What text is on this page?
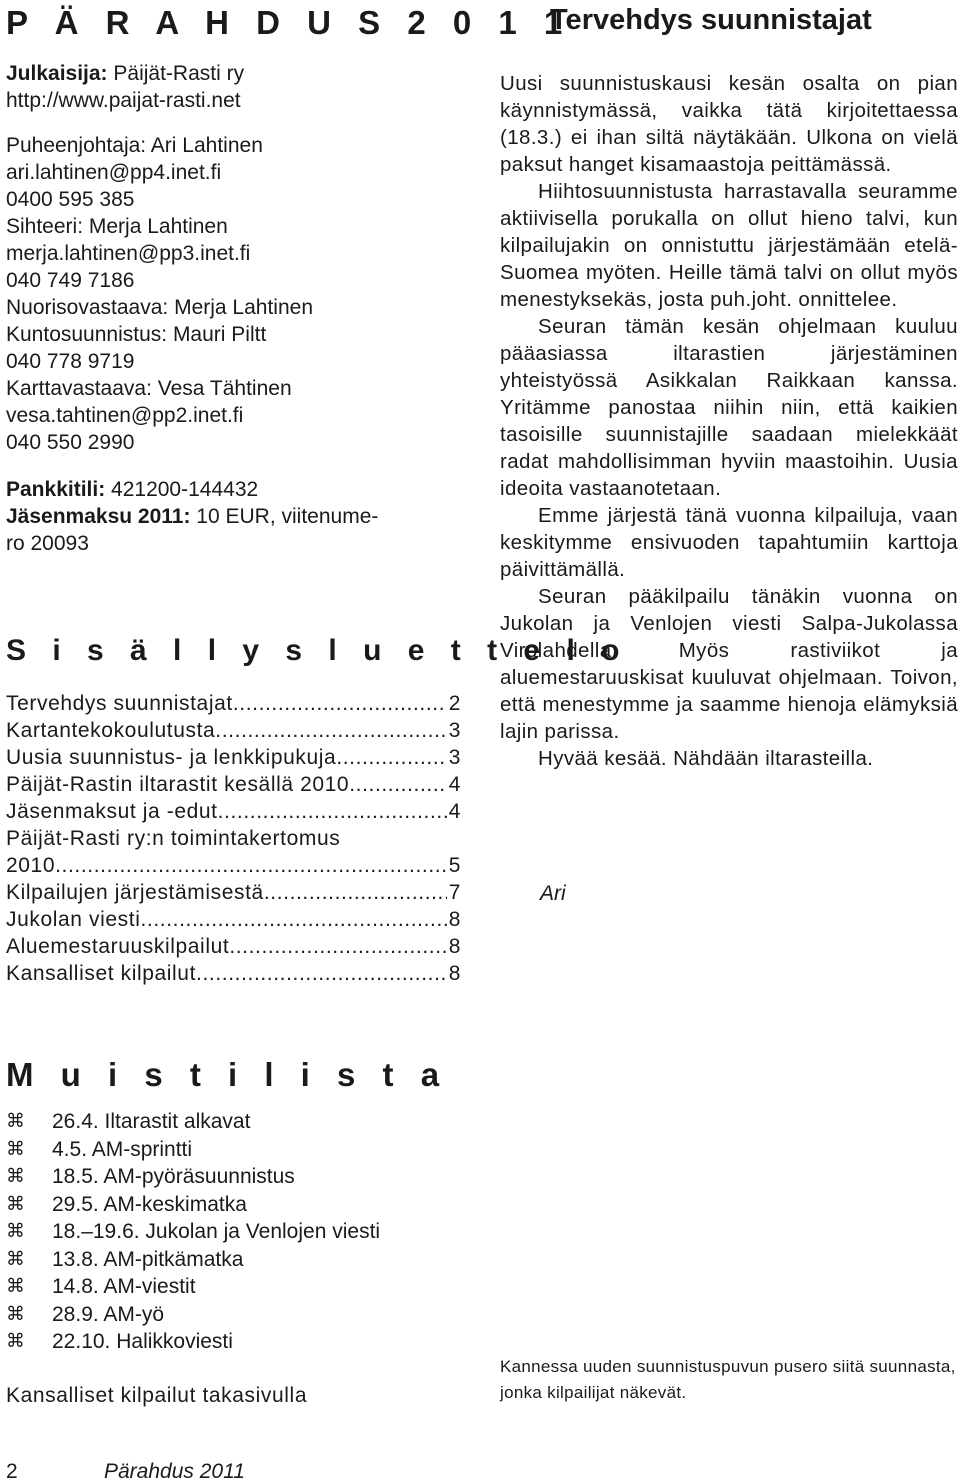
P Ä R A H D U S 2 0 1 1
Julkaisija: Päijät-Rasti ry
http://www.paijat-rasti.net
Puheenjohtaja: Ari Lahtinen
ari.lahtinen@pp4.inet.fi
0400 595 385
Sihteeri: Merja Lahtinen
merja.lahtinen@pp3.inet.fi
040 749 7186
Nuorisovastaava: Merja Lahtinen
Kuntosuunnistus: Mauri Piltt
040 778 9719
Karttavastaava: Vesa Tähtinen
vesa.tahtinen@pp2.inet.fi
040 550 2990
Pankkitili: 421200-144432
Jäsenmaksu 2011: 10 EUR, viitenume-
ro 20093
S i s ä l l y s l u e t t e l o
Tervehdys suunnistajat .....	2
Kartantekokoulutusta .....	3
Uusia suunnistus- ja lenkkipukuja .....	3
Päijät-Rastin iltarastit kesällä 2010 .....	4
Jäsenmaksut ja -edut .....	4
Päijät-Rasti ry:n toimintakertomus
2010 .....	5
Kilpailujen järjestämisestä .....	7
Jukolan viesti .....	8
Aluemestaruuskilpailut .....	8
Kansalliset kilpailut .....	8
Tervehdys suunnistajat

Uusi suunnistuskausi kesän osalta on pian käynnistymässä, vaikka tätä kirjoitettaessa (18.3.) ei ihan siltä näytäkään. Ulkona on vielä paksut hanget kisamaastoja peittämässä.

Hiihtosuunnistusta harrastavalla seuramme aktiivisella porukalla on ollut hieno talvi, kun kilpailujakin on onnistuttu järjestämään etelä-Suomea myöten. Heille tämä talvi on ollut myös menestyksekäs, josta puh.joht. onnittelee.

Seuran tämän kesän ohjelmaan kuuluu pääasiassa iltarastien järjestäminen yhteistyössä Asikkalan Raikkaan kanssa. Yritämme panostaa niihin niin, että kaikien tasoisille suunnistajille saadaan mielekkäät radat mahdollisimman hyviin maastoihin. Uusia ideoita vastaanotetaan.

Emme järjestä tänä vuonna kilpailuja, vaan keskitymme ensivuoden tapahtumiin karttoja päivittämällä.

Seuran pääkilpailu tänäkin vuonna on Jukolan ja Venlojen viesti Salpa-Jukolassa Virolahdella. Myös rastiviikot ja aluemestaruuskisat kuuluvat ohjelmaan. Toivon, että menestymme ja saamme hienoja elämyksiä lajin parissa.

Hyvää kesää. Nähdään iltarasteilla.

Ari
M u i s t i l i s t a
⌘	26.4. Iltarastit alkavat
⌘	4.5. AM-sprintti
⌘	18.5. AM-pyöräsuunnistus
⌘	29.5. AM-keskimatka
⌘	18.–19.6. Jukolan ja Venlojen viesti
⌘	13.8. AM-pitkämatka
⌘	14.8. AM-viestit
⌘	28.9. AM-yö
⌘	22.10. Halikkoviesti
Kansalliset kilpailut takasivulla
Kannessa uuden suunnistuspuvun pusero siitä suunnasta, jonka kilpailijat näkevät.
2	Pärahdus 2011
